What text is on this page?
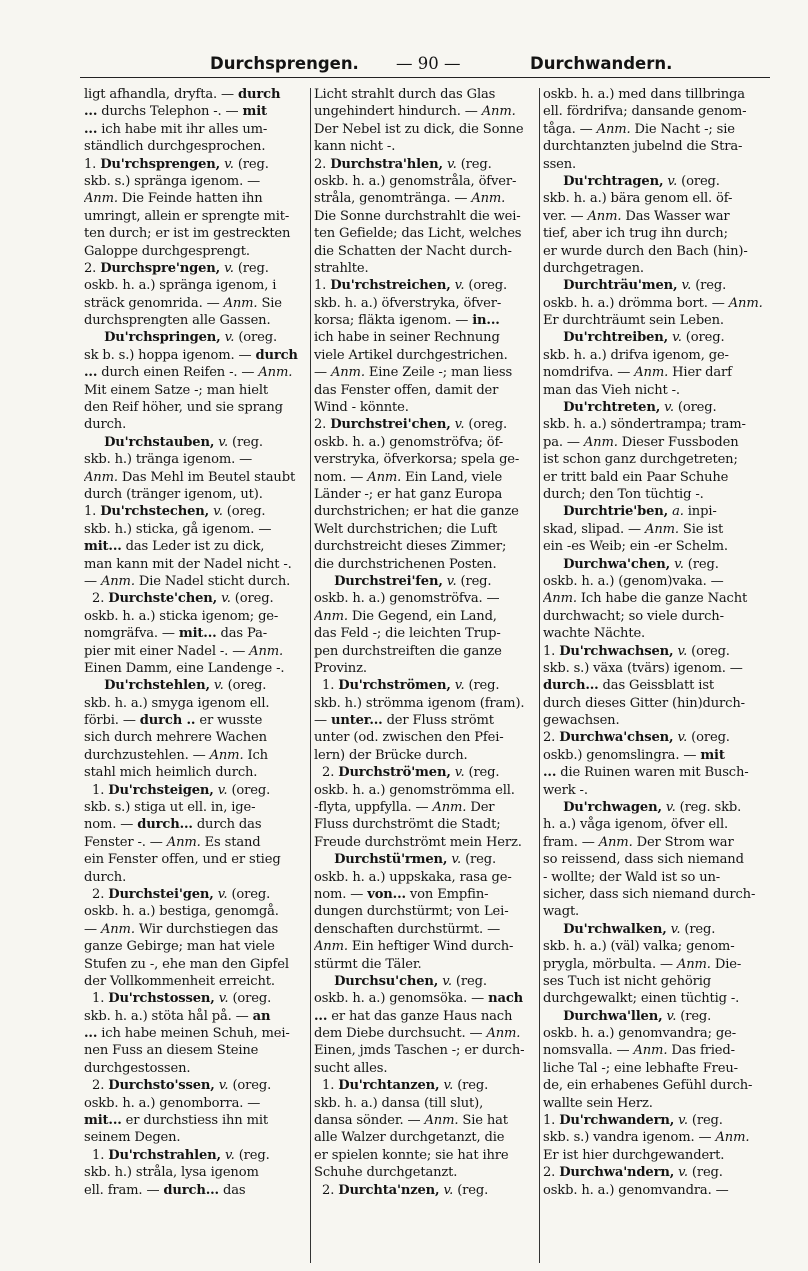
Durchsprengen. — 90 —	Durchwandern.
ligt afhandla, dryfta. — durch
... durchs Telephon -. — mit
... ich habe mit ihr alles um-
ständlich durchgesprochen.
1. Du'rchsprengen, v. (reg.
skb. s.) spränga igenom. —
Anm. Die Feinde hatten ihn
umringt, allein er sprengte mit-
ten durch; er ist im gestreckten
Galoppe durchgesprengt.
2. Durchspre'ngen, v. (reg.
oskb. h. a.) spränga igenom, i
sträck genomrida. — Anm. Sie
durchsprengten alle Gassen.
Du'rchspringen, v. (oreg.
sk b. s.) hoppa igenom. — durch
... durch einen Reifen -. — Anm.
Mit einem Satze -; man hielt
den Reif höher, und sie sprang
durch.
Du'rchstauben, v. (reg.
skb. h.) tränga igenom. —
Anm. Das Mehl im Beutel staubt
durch (tränger igenom, ut).
1. Du'rchstechen, v. (oreg.
skb. h.) sticka, gå igenom. —
mit... das Leder ist zu dick,
man kann mit der Nadel nicht -.
— Anm. Die Nadel sticht durch.
2. Durchste'chen, v. (oreg.
oskb. h. a.) sticka igenom; ge-
nomgräfva. — mit... das Pa-
pier mit einer Nadel -. — Anm.
Einen Damm, eine Landenge -.
Du'rchstehlen, v. (oreg.
skb. h. a.) smyga igenom ell.
förbi. — durch .. er wusste
sich durch mehrere Wachen
durchzustehlen. — Anm. Ich
stahl mich heimlich durch.
1. Du'rchsteigen, v. (oreg.
skb. s.) stiga ut ell. in, ige-
nom. — durch... durch das
Fenster -. — Anm. Es stand
ein Fenster offen, und er stieg
durch.
2. Durchstei'gen, v. (oreg.
oskb. h. a.) bestiga, genomgå.
— Anm. Wir durchstiegen das
ganze Gebirge; man hat viele
Stufen zu -, ehe man den Gipfel
der Vollkommenheit erreicht.
1. Du'rchstossen, v. (oreg.
skb. h. a.) stöta hål på. — an
... ich habe meinen Schuh, mei-
nen Fuss an diesem Steine
durchgestossen.
2. Durchsto'ssen, v. (oreg.
oskb. h. a.) genomborra. —
mit... er durchstiess ihn mit
seinem Degen.
1. Du'rchstrahlen, v. (reg.
skb. h.) stråla, lysa igenom
ell. fram. — durch... das
Licht strahlt durch das Glas
ungehindert hindurch. — Anm.
Der Nebel ist zu dick, die Sonne
kann nicht -.
2. Durchstra'hlen, v. (reg.
oskb. h. a.) genomstråla, öfver-
stråla, genomtränga. — Anm.
Die Sonne durchstrahlt die wei-
ten Gefielde; das Licht, welches
die Schatten der Nacht durch-
strahlte.
1. Du'rchstreichen, v. (oreg.
skb. h. a.) öfverstryka, öfver-
korsa; fläkta igenom. — in...
ich habe in seiner Rechnung
viele Artikel durchgestrichen.
— Anm. Eine Zeile -; man liess
das Fenster offen, damit der
Wind - könnte.
2. Durchstrei'chen, v. (oreg.
oskb. h. a.) genomströfva; öf-
verstryka, öfverkorsa; spela ge-
nom. — Anm. Ein Land, viele
Länder -; er hat ganz Europa
durchstrichen; er hat die ganze
Welt durchstrichen; die Luft
durchstreicht dieses Zimmer;
die durchstrichenen Posten.
Durchstrei'fen, v. (reg.
oskb. h. a.) genomströfva. —
Anm. Die Gegend, ein Land,
das Feld -; die leichten Trup-
pen durchstreiften die ganze
Provinz.
1. Du'rchströmen, v. (reg.
skb. h.) strömma igenom (fram).
— unter... der Fluss strömt
unter (od. zwischen den Pfei-
lern) der Brücke durch.
2. Durchströ'men, v. (reg.
oskb. h. a.) genomströmma ell.
-flyta, uppfylla. — Anm. Der
Fluss durchströmt die Stadt;
Freude durchströmt mein Herz.
Durchstü'rmen, v. (reg.
oskb. h. a.) uppskaka, rasa ge-
nom. — von... von Empfin-
dungen durchstürmt; von Lei-
denschaften durchstürmt. —
Anm. Ein heftiger Wind durch-
stürmt die Täler.
Durchsu'chen, v. (reg.
oskb. h. a.) genomsöka. — nach
... er hat das ganze Haus nach
dem Diebe durchsucht. — Anm.
Einen, jmds Taschen -; er durch-
sucht alles.
1. Du'rchtanzen, v. (reg.
skb. h. a.) dansa (till slut),
dansa sönder. — Anm. Sie hat
alle Walzer durchgetanzt, die
er spielen konnte; sie hat ihre
Schuhe durchgetanzt.
2. Durchta'nzen, v. (reg.
oskb. h. a.) med dans tillbringa
ell. fördrifva; dansande genom-
tåga. — Anm. Die Nacht -; sie
durchtanzten jubelnd die Stra-
ssen.
Du'rchtragen, v. (oreg.
skb. h. a.) bära genom ell. öf-
ver. — Anm. Das Wasser war
tief, aber ich trug ihn durch;
er wurde durch den Bach (hin)-
durchgetragen.
Durchträu'men, v. (reg.
oskb. h. a.) drömma bort. — Anm.
Er durchträumt sein Leben.
Du'rchtreiben, v. (oreg.
skb. h. a.) drifva igenom, ge-
nomdrifva. — Anm. Hier darf
man das Vieh nicht -.
Du'rchtreten, v. (oreg.
skb. h. a.) söndertrampa; tram-
pa. — Anm. Dieser Fussboden
ist schon ganz durchgetreten;
er tritt bald ein Paar Schuhe
durch; den Ton tüchtig -.
Durchtrie'ben, a. inpi-
skad, slipad. — Anm. Sie ist
ein -es Weib; ein -er Schelm.
Durchwa'chen, v. (reg.
oskb. h. a.) (genom)vaka. —
Anm. Ich habe die ganze Nacht
durchwacht; so viele durch-
wachte Nächte.
1. Du'rchwachsen, v. (oreg.
skb. s.) växa (tvärs) igenom. —
durch... das Geissblatt ist
durch dieses Gitter (hin)durch-
gewachsen.
2. Durchwa'chsen, v. (oreg.
oskb.) genomslingra. — mit
... die Ruinen waren mit Busch-
werk -.
Du'rchwagen, v. (reg. skb.
h. a.) våga igenom, öfver ell.
fram. — Anm. Der Strom war
so reissend, dass sich niemand
- wollte; der Wald ist so un-
sicher, dass sich niemand durch-
wagt.
Du'rchwalken, v. (reg.
skb. h. a.) (väl) valka; genom-
prygla, mörbulta. — Anm. Die-
ses Tuch ist nicht gehörig
durchgewalkt; einen tüchtig -.
Durchwa'llen, v. (reg.
oskb. h. a.) genomvandra; ge-
nomsvalla. — Anm. Das fried-
liche Tal -; eine lebhafte Freu-
de, ein erhabenes Gefühl durch-
wallte sein Herz.
1. Du'rchwandern, v. (reg.
skb. s.) vandra igenom. — Anm.
Er ist hier durchgewandert.
2. Durchwa'ndern, v. (reg.
oskb. h. a.) genomvandra. —
